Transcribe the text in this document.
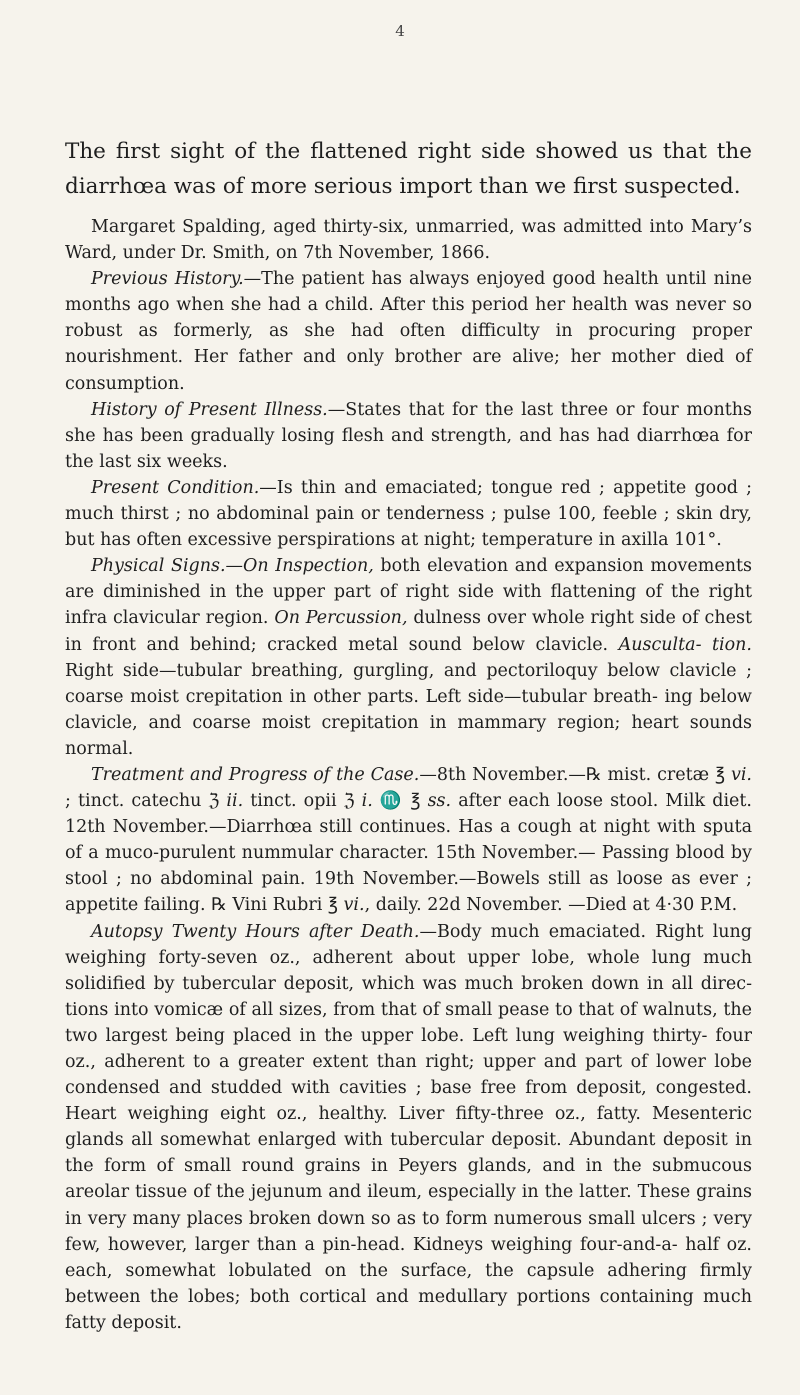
4

The first sight of the flattened right side showed us that the diarrhœa was of more serious import than we first suspected.

Margaret Spalding, aged thirty-six, unmarried, was admitted into Mary’s Ward, under Dr. Smith, on 7th November, 1866.

Previous History.—The patient has always enjoyed good health until nine months ago when she had a child. After this period her health was never so robust as formerly, as she had often difficulty in procuring proper nourishment. Her father and only brother are alive; her mother died of consumption.

History of Present Illness.—States that for the last three or four months she has been gradually losing flesh and strength, and has had diarrhœa for the last six weeks.

Present Condition.—Is thin and emaciated; tongue red ; appetite good ; much thirst ; no abdominal pain or tenderness ; pulse 100, feeble ; skin dry, but has often excessive perspirations at night; temperature in axilla 101°.

Physical Signs.—On Inspection, both elevation and expansion movements are diminished in the upper part of right side with flattening of the right infra clavicular region. On Percussion, dulness over whole right side of chest in front and behind; cracked metal sound below clavicle. Ausculta- tion. Right side—tubular breathing, gurgling, and pectoriloquy below clavicle ; coarse moist crepitation in other parts. Left side—tubular breath- ing below clavicle, and coarse moist crepitation in mammary region; heart sounds normal.

Treatment and Progress of the Case.—8th November.—℞ mist. cretæ ℥ vi. ; tinct. catechu ℨ ii. tinct. opii ℨ i. ♏ ℥ ss. after each loose stool. Milk diet. 12th November.—Diarrhœa still continues. Has a cough at night with sputa of a muco-purulent nummular character. 15th November.— Passing blood by stool ; no abdominal pain. 19th November.—Bowels still as loose as ever ; appetite failing. ℞ Vini Rubri ℥ vi., daily. 22d November. —Died at 4·30 P.M.

Autopsy Twenty Hours after Death.—Body much emaciated. Right lung weighing forty-seven oz., adherent about upper lobe, whole lung much solidified by tubercular deposit, which was much broken down in all direc- tions into vomicæ of all sizes, from that of small pease to that of walnuts, the two largest being placed in the upper lobe. Left lung weighing thirty- four oz., adherent to a greater extent than right; upper and part of lower lobe condensed and studded with cavities ; base free from deposit, congested. Heart weighing eight oz., healthy. Liver fifty-three oz., fatty. Mesenteric glands all somewhat enlarged with tubercular deposit. Abundant deposit in the form of small round grains in Peyers glands, and in the submucous areolar tissue of the jejunum and ileum, especially in the latter. These grains in very many places broken down so as to form numerous small ulcers ; very few, however, larger than a pin-head. Kidneys weighing four-and-a- half oz. each, somewhat lobulated on the surface, the capsule adhering firmly between the lobes; both cortical and medullary portions containing much fatty deposit.
